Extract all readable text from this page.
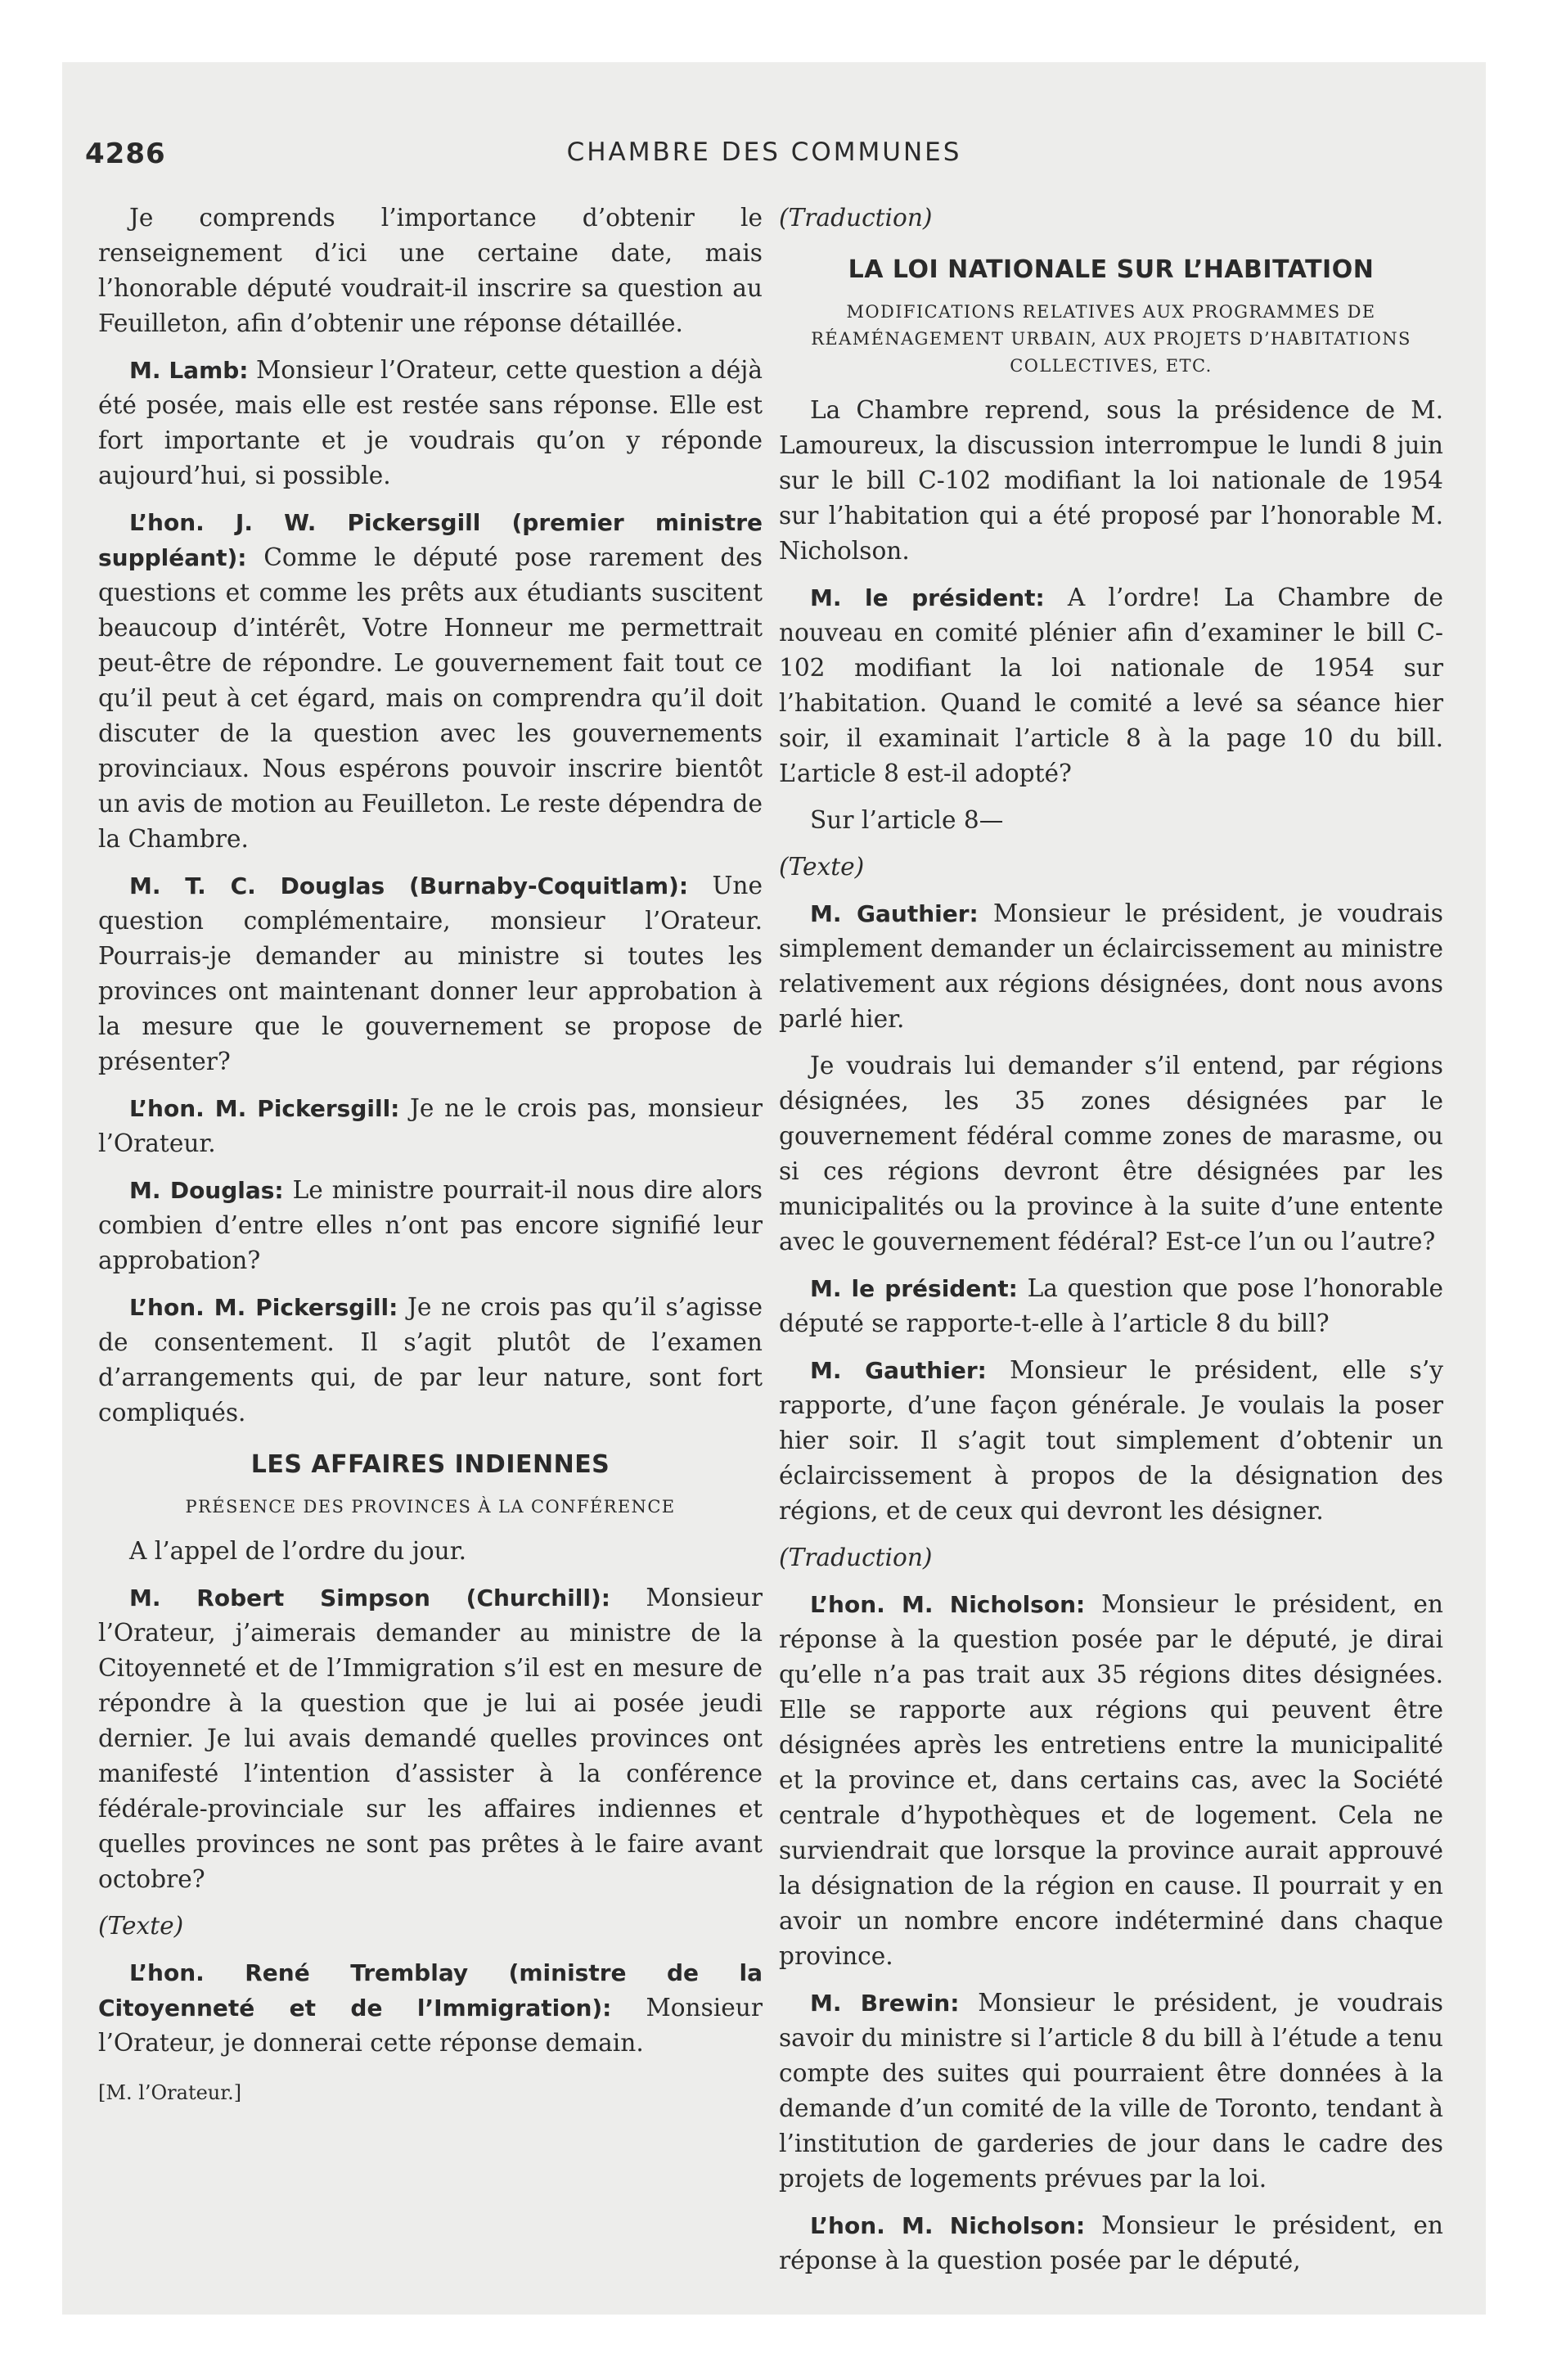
4286	CHAMBRE DES COMMUNES

Je comprends l’importance d’obtenir le renseignement d’ici une certaine date, mais l’honorable député voudrait-il inscrire sa question au Feuilleton, afin d’obtenir une réponse détaillée.

M. Lamb: Monsieur l’Orateur, cette question a déjà été posée, mais elle est restée sans réponse. Elle est fort importante et je voudrais qu’on y réponde aujourd’hui, si possible.

L’hon. J. W. Pickersgill (premier ministre suppléant): Comme le député pose rarement des questions et comme les prêts aux étudiants suscitent beaucoup d’intérêt, Votre Honneur me permettrait peut-être de répondre. Le gouvernement fait tout ce qu’il peut à cet égard, mais on comprendra qu’il doit discuter de la question avec les gouvernements provinciaux. Nous espérons pouvoir inscrire bientôt un avis de motion au Feuilleton. Le reste dépendra de la Chambre.

M. T. C. Douglas (Burnaby-Coquitlam): Une question complémentaire, monsieur l’Orateur. Pourrais-je demander au ministre si toutes les provinces ont maintenant donner leur approbation à la mesure que le gouvernement se propose de présenter?

L’hon. M. Pickersgill: Je ne le crois pas, monsieur l’Orateur.

M. Douglas: Le ministre pourrait-il nous dire alors combien d’entre elles n’ont pas encore signifié leur approbation?

L’hon. M. Pickersgill: Je ne crois pas qu’il s’agisse de consentement. Il s’agit plutôt de l’examen d’arrangements qui, de par leur nature, sont fort compliqués.

LES AFFAIRES INDIENNES
PRÉSENCE DES PROVINCES À LA CONFÉRENCE

A l’appel de l’ordre du jour.

M. Robert Simpson (Churchill): Monsieur l’Orateur, j’aimerais demander au ministre de la Citoyenneté et de l’Immigration s’il est en mesure de répondre à la question que je lui ai posée jeudi dernier. Je lui avais demandé quelles provinces ont manifesté l’intention d’assister à la conférence fédérale-provinciale sur les affaires indiennes et quelles provinces ne sont pas prêtes à le faire avant octobre?

(Texte)

L’hon. René Tremblay (ministre de la Citoyenneté et de l’Immigration): Monsieur l’Orateur, je donnerai cette réponse demain.

[M. l’Orateur.]

(Traduction)

LA LOI NATIONALE SUR L’HABITATION
MODIFICATIONS RELATIVES AUX PROGRAMMES DE RÉAMÉNAGEMENT URBAIN, AUX PROJETS D’HABITATIONS COLLECTIVES, ETC.

La Chambre reprend, sous la présidence de M. Lamoureux, la discussion interrompue le lundi 8 juin sur le bill C-102 modifiant la loi nationale de 1954 sur l’habitation qui a été proposé par l’honorable M. Nicholson.

M. le président: A l’ordre! La Chambre de nouveau en comité plénier afin d’examiner le bill C-102 modifiant la loi nationale de 1954 sur l’habitation. Quand le comité a levé sa séance hier soir, il examinait l’article 8 à la page 10 du bill. L’article 8 est-il adopté?

Sur l’article 8—

(Texte)

M. Gauthier: Monsieur le président, je voudrais simplement demander un éclaircissement au ministre relativement aux régions désignées, dont nous avons parlé hier.

Je voudrais lui demander s’il entend, par régions désignées, les 35 zones désignées par le gouvernement fédéral comme zones de marasme, ou si ces régions devront être désignées par les municipalités ou la province à la suite d’une entente avec le gouvernement fédéral? Est-ce l’un ou l’autre?

M. le président: La question que pose l’honorable député se rapporte-t-elle à l’article 8 du bill?

M. Gauthier: Monsieur le président, elle s’y rapporte, d’une façon générale. Je voulais la poser hier soir. Il s’agit tout simplement d’obtenir un éclaircissement à propos de la désignation des régions, et de ceux qui devront les désigner.

(Traduction)

L’hon. M. Nicholson: Monsieur le président, en réponse à la question posée par le député, je dirai qu’elle n’a pas trait aux 35 régions dites désignées. Elle se rapporte aux régions qui peuvent être désignées après les entretiens entre la municipalité et la province et, dans certains cas, avec la Société centrale d’hypothèques et de logement. Cela ne surviendrait que lorsque la province aurait approuvé la désignation de la région en cause. Il pourrait y en avoir un nombre encore indéterminé dans chaque province.

M. Brewin: Monsieur le président, je voudrais savoir du ministre si l’article 8 du bill à l’étude a tenu compte des suites qui pourraient être données à la demande d’un comité de la ville de Toronto, tendant à l’institution de garderies de jour dans le cadre des projets de logements prévues par la loi.

L’hon. M. Nicholson: Monsieur le président, en réponse à la question posée par le député,
